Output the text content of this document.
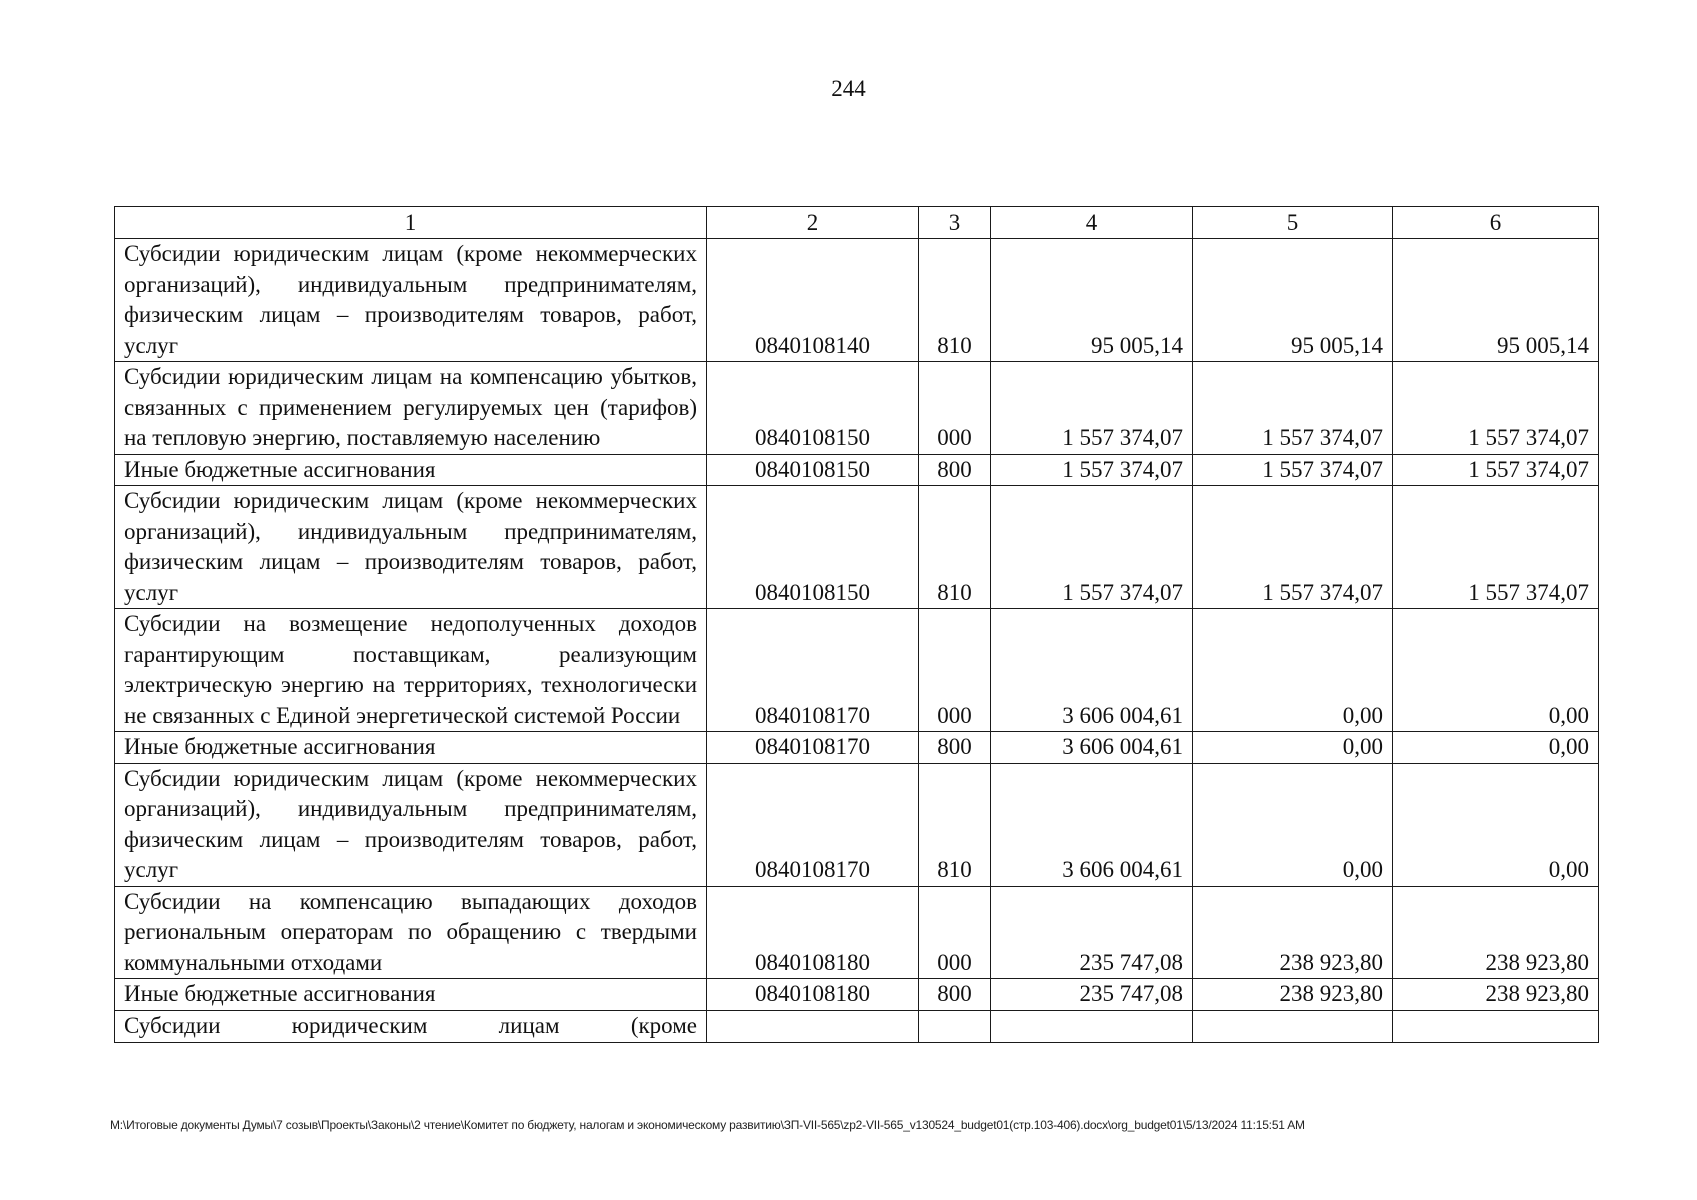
244
1	2	3	4	5	6
Субсидии юридическим лицам (кроме некоммерческих организаций), индивидуальным предпринимателям, физическим лицам – производителям товаров, работ, услуг	0840108140	810	95 005,14	95 005,14	95 005,14
Субсидии юридическим лицам на компенсацию убытков, связанных с применением регулируемых цен (тарифов) на тепловую энергию, поставляемую населению	0840108150	000	1 557 374,07	1 557 374,07	1 557 374,07
Иные бюджетные ассигнования	0840108150	800	1 557 374,07	1 557 374,07	1 557 374,07
Субсидии юридическим лицам (кроме некоммерческих организаций), индивидуальным предпринимателям, физическим лицам – производителям товаров, работ, услуг	0840108150	810	1 557 374,07	1 557 374,07	1 557 374,07
Субсидии на возмещение недополученных доходов гарантирующим поставщикам, реализующим электрическую энергию на территориях, технологически не связанных с Единой энергетической системой России	0840108170	000	3 606 004,61	0,00	0,00
Иные бюджетные ассигнования	0840108170	800	3 606 004,61	0,00	0,00
Субсидии юридическим лицам (кроме некоммерческих организаций), индивидуальным предпринимателям, физическим лицам – производителям товаров, работ, услуг	0840108170	810	3 606 004,61	0,00	0,00
Субсидии на компенсацию выпадающих доходов региональным операторам по обращению с твердыми коммунальными отходами	0840108180	000	235 747,08	238 923,80	238 923,80
Иные бюджетные ассигнования	0840108180	800	235 747,08	238 923,80	238 923,80
Субсидии юридическим лицам (кроме					
M:\Итоговые документы Думы\7 созыв\Проекты\Законы\2 чтение\Комитет по бюджету, налогам и экономическому развитию\ЗП-VII-565\zp2-VII-565_v130524_budget01(стр.103-406).docx\org_budget01\5/13/2024 11:15:51 AM
